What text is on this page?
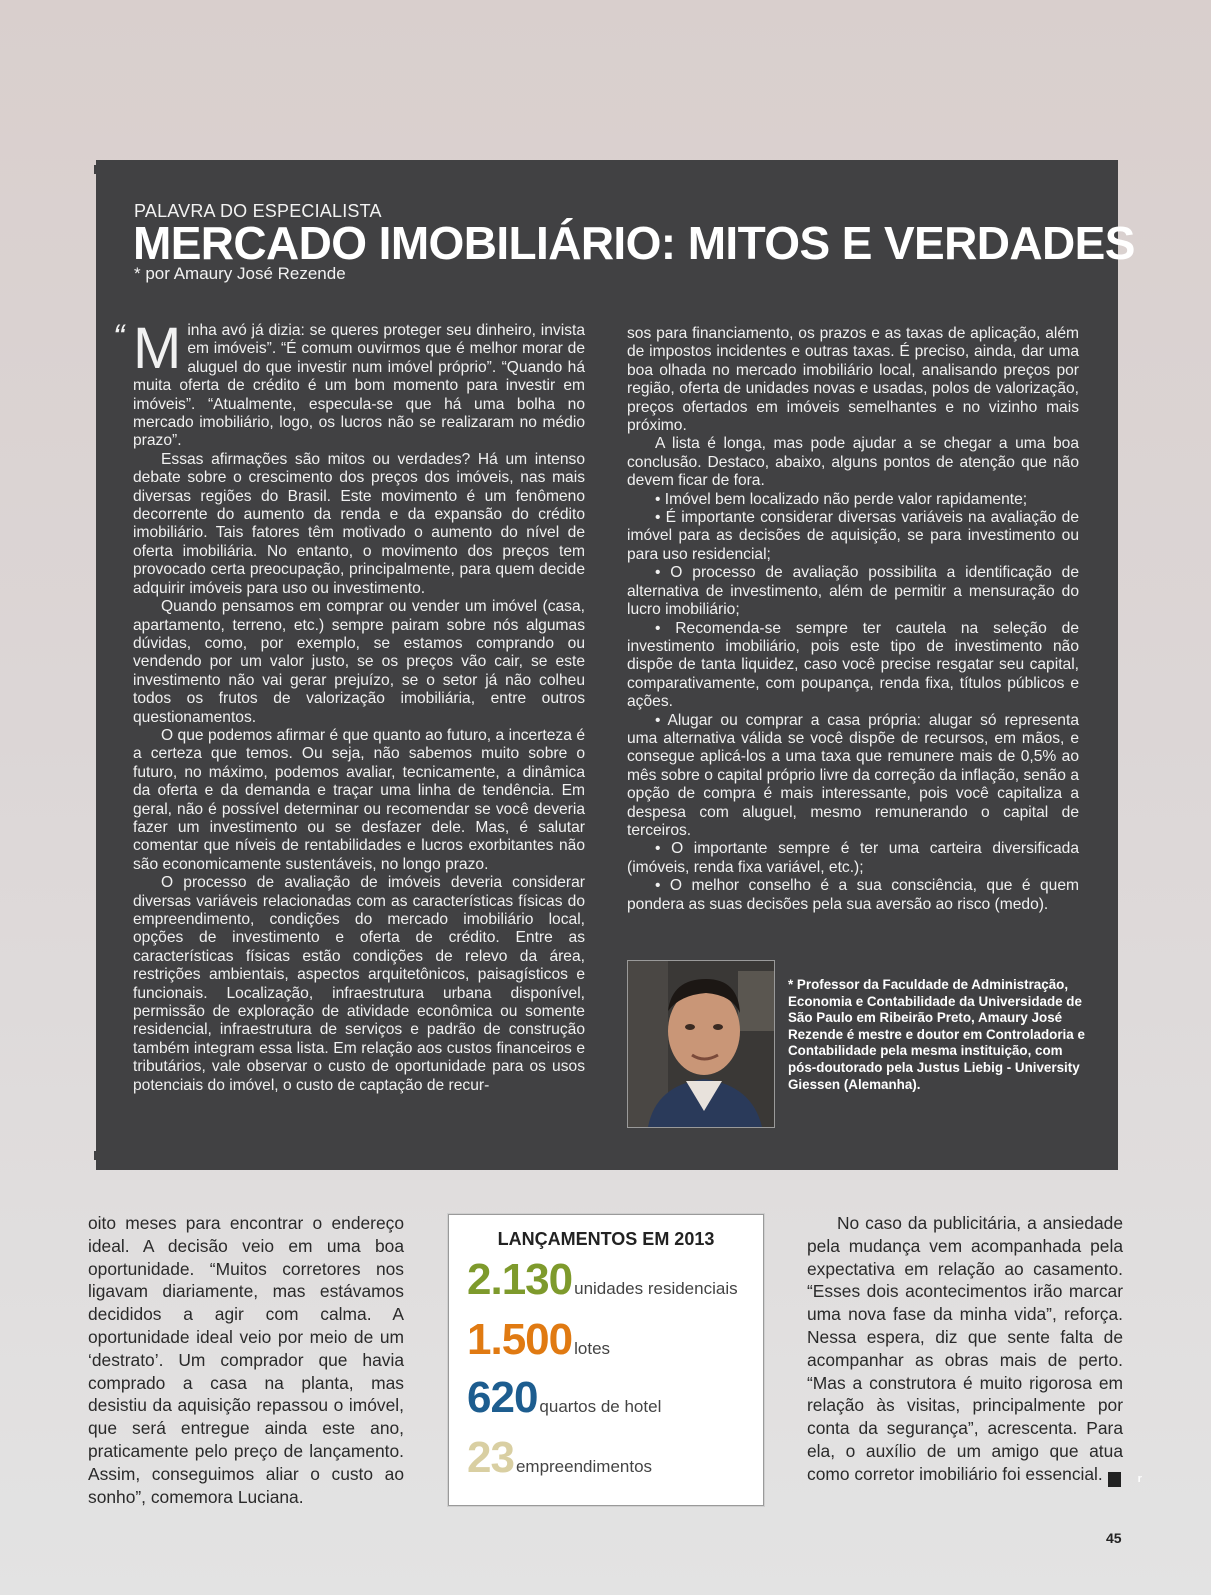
PALAVRA DO ESPECIALISTA
MERCADO IMOBILIÁRIO: MITOS E VERDADES
* por Amaury José Rezende
“ Minha avó já dizia: se queres proteger seu dinheiro, invista em imóveis”. “É comum ouvirmos que é melhor morar de aluguel do que investir num imóvel próprio”. “Quando há muita oferta de crédito é um bom momento para investir em imóveis”. “Atualmente, especula-se que há uma bolha no mercado imobiliário, logo, os lucros não se realizaram no médio prazo”.

Essas afirmações são mitos ou verdades? Há um intenso debate sobre o crescimento dos preços dos imóveis, nas mais diversas regiões do Brasil. Este movimento é um fenômeno decorrente do aumento da renda e da expansão do crédito imobiliário. Tais fatores têm motivado o aumento do nível de oferta imobiliária. No entanto, o movimento dos preços tem provocado certa preocupação, principalmente, para quem decide adquirir imóveis para uso ou investimento.

Quando pensamos em comprar ou vender um imóvel (casa, apartamento, terreno, etc.) sempre pairam sobre nós algumas dúvidas, como, por exemplo, se estamos comprando ou vendendo por um valor justo, se os preços vão cair, se este investimento não vai gerar prejuízo, se o setor já não colheu todos os frutos de valorização imobiliária, entre outros questionamentos.

O que podemos afirmar é que quanto ao futuro, a incerteza é a certeza que temos. Ou seja, não sabemos muito sobre o futuro, no máximo, podemos avaliar, tecnicamente, a dinâmica da oferta e da demanda e traçar uma linha de tendência. Em geral, não é possível determinar ou recomendar se você deveria fazer um investimento ou se desfazer dele. Mas, é salutar comentar que níveis de rentabilidades e lucros exorbitantes não são economicamente sustentáveis, no longo prazo.

O processo de avaliação de imóveis deveria considerar diversas variáveis relacionadas com as características físicas do empreendimento, condições do mercado imobiliário local, opções de investimento e oferta de crédito. Entre as características físicas estão condições de relevo da área, restrições ambientais, aspectos arquitetônicos, paisagísticos e funcionais. Localização, infraestrutura urbana disponível, permissão de exploração de atividade econômica ou somente residencial, infraestrutura de serviços e padrão de construção também integram essa lista. Em relação aos custos financeiros e tributários, vale observar o custo de oportunidade para os usos potenciais do imóvel, o custo de captação de recur-

sos para financiamento, os prazos e as taxas de aplicação, além de impostos incidentes e outras taxas. É preciso, ainda, dar uma boa olhada no mercado imobiliário local, analisando preços por região, oferta de unidades novas e usadas, polos de valorização, preços ofertados em imóveis semelhantes e no vizinho mais próximo.

A lista é longa, mas pode ajudar a se chegar a uma boa conclusão. Destaco, abaixo, alguns pontos de atenção que não devem ficar de fora.

• Imóvel bem localizado não perde valor rapidamente;

• É importante considerar diversas variáveis na avaliação de imóvel para as decisões de aquisição, se para investimento ou para uso residencial;

• O processo de avaliação possibilita a identificação de alternativa de investimento, além de permitir a mensuração do lucro imobiliário;

• Recomenda-se sempre ter cautela na seleção de investimento imobiliário, pois este tipo de investimento não dispõe de tanta liquidez, caso você precise resgatar seu capital, comparativamente, com poupança, renda fixa, títulos públicos e ações.

• Alugar ou comprar a casa própria: alugar só representa uma alternativa válida se você dispõe de recursos, em mãos, e consegue aplicá-los a uma taxa que remunere mais de 0,5% ao mês sobre o capital próprio livre da correção da inflação, senão a opção de compra é mais interessante, pois você capitaliza a despesa com aluguel, mesmo remunerando o capital de terceiros.

• O importante sempre é ter uma carteira diversificada (imóveis, renda fixa variável, etc.);

• O melhor conselho é a sua consciência, que é quem pondera as suas decisões pela sua aversão ao risco (medo).

* Professor da Faculdade de Administração, Economia e Contabilidade da Universidade de São Paulo em Ribeirão Preto, Amaury José Rezende é mestre e doutor em Controladoria e Contabilidade pela mesma instituição, com pós-doutorado pela Justus Liebig - University Giessen (Alemanha).

oito meses para encontrar o endereço ideal. A decisão veio em uma boa oportunidade. “Muitos corretores nos ligavam diariamente, mas estávamos decididos a agir com calma. A oportunidade ideal veio por meio de um ‘destrato’. Um comprador que havia comprado a casa na planta, mas desistiu da aquisição repassou o imóvel, que será entregue ainda este ano, praticamente pelo preço de lançamento. Assim, conseguimos aliar o custo ao sonho”, comemora Luciana.

LANÇAMENTOS EM 2013
2.130 unidades residenciais
1.500 lotes
620 quartos de hotel
23 empreendimentos

No caso da publicitária, a ansiedade pela mudança vem acompanhada pela expectativa em relação ao casamento. “Esses dois acontecimentos irão marcar uma nova fase da minha vida”, reforça. Nessa espera, diz que sente falta de acompanhar as obras mais de perto. “Mas a construtora é muito rigorosa em relação às visitas, principalmente por conta da segurança”, acrescenta. Para ela, o auxílio de um amigo que atua como corretor imobiliário foi essencial.	r

45
